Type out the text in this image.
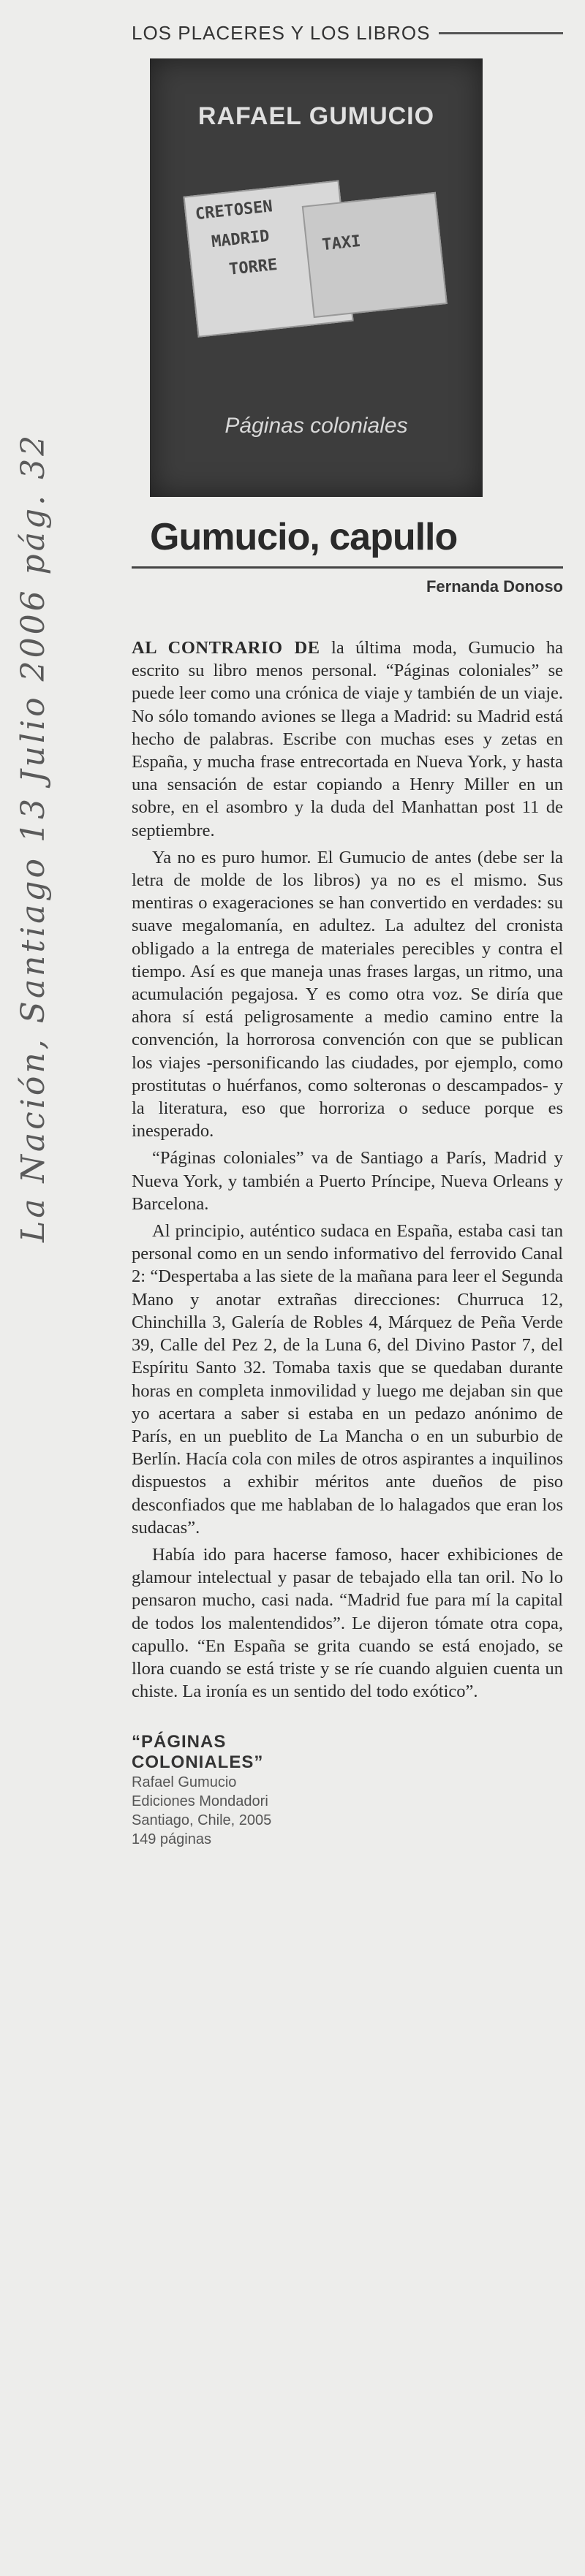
La Nación, Santiago 13 Julio 2006 pág. 32
LOS PLACERES Y LOS LIBROS
RAFAEL GUMUCIO
CRETOSEN
MADRID
TORRE
TAXI
Páginas coloniales
Gumucio, capullo
Fernanda Donoso

AL CONTRARIO DE la última moda, Gumucio ha escrito su libro menos personal. “Páginas coloniales” se puede leer como una crónica de viaje y también de un viaje. No sólo tomando aviones se llega a Madrid: su Madrid está hecho de palabras. Escribe con muchas eses y zetas en España, y mucha frase entrecortada en Nueva York, y hasta una sensación de estar copiando a Henry Miller en un sobre, en el asombro y la duda del Manhattan post 11 de septiembre.

Ya no es puro humor. El Gumucio de antes (debe ser la letra de molde de los libros) ya no es el mismo. Sus mentiras o exageraciones se han convertido en verdades: su suave megalomanía, en adultez. La adultez del cronista obligado a la entrega de materiales perecibles y contra el tiempo. Así es que maneja unas frases largas, un ritmo, una acumulación pegajosa. Y es como otra voz. Se diría que ahora sí está peligrosamente a medio camino entre la convención, la horrorosa convención con que se publican los viajes -personificando las ciudades, por ejemplo, como prostitutas o huérfanos, como solteronas o descampados- y la literatura, eso que horroriza o seduce porque es inesperado.

“Páginas coloniales” va de Santiago a París, Madrid y Nueva York, y también a Puerto Príncipe, Nueva Orleans y Barcelona.

Al principio, auténtico sudaca en España, estaba casi tan personal como en un sendo informativo del ferrovido Canal 2: “Despertaba a las siete de la mañana para leer el Segunda Mano y anotar extrañas direcciones: Churruca 12, Chinchilla 3, Galería de Robles 4, Márquez de Peña Verde 39, Calle del Pez 2, de la Luna 6, del Divino Pastor 7, del Espíritu Santo 32. Tomaba taxis que se quedaban durante horas en completa inmovilidad y luego me dejaban sin que yo acertara a saber si estaba en un pedazo anónimo de París, en un pueblito de La Mancha o en un suburbio de Berlín. Hacía cola con miles de otros aspirantes a inquilinos dispuestos a exhibir méritos ante dueños de piso desconfiados que me hablaban de lo halagados que eran los sudacas”.

Había ido para hacerse famoso, hacer exhibiciones de glamour intelectual y pasar de tebajado ella tan oril. No lo pensaron mucho, casi nada. “Madrid fue para mí la capital de todos los malentendidos”. Le dijeron tómate otra copa, capullo. “En España se grita cuando se está enojado, se llora cuando se está triste y se ríe cuando alguien cuenta un chiste. La ironía es un sentido del todo exótico”.

“PÁGINAS COLONIALES”
Rafael Gumucio
Ediciones Mondadori
Santiago, Chile, 2005
149 páginas
